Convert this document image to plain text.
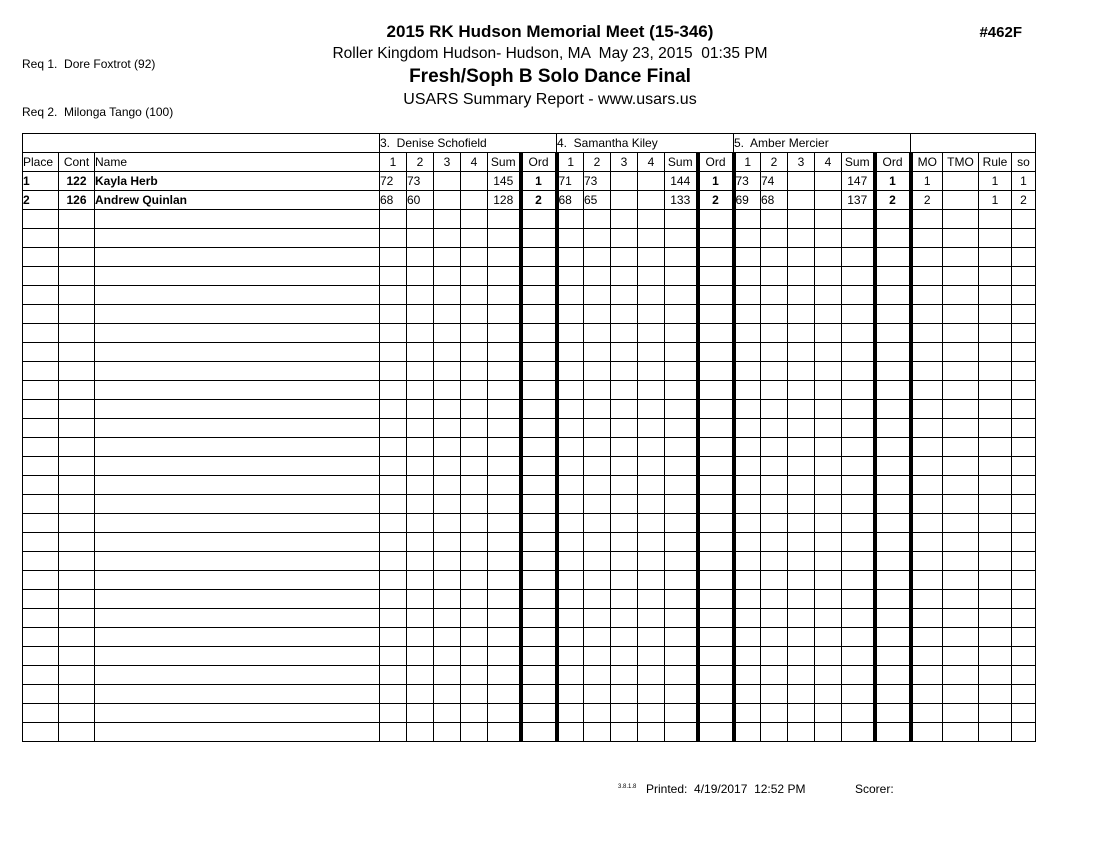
Req 1.  Dore Foxtrot (92)

Req 2.  Milonga Tango (100)

2015 RK Hudson Memorial Meet (15-346)
Roller Kingdom Hudson- Hudson, MA  May 23, 2015  01:35 PM
Fresh/Soph B Solo Dance Final
USARS Summary Report - www.usars.us
#462F
			3.  Denise Schofield						4.  Samantha Kiley						5.  Amber Mercier									
Place	Cont	Name	1	2	3	4	Sum	Ord	1	2	3	4	Sum	Ord	1	2	3	4	Sum	Ord	MO	TMO	Rule	so
1	122	Kayla Herb	72	73			145	1	71	73			144	1	73	74			147	1	1		1	1
2	126	Andrew Quinlan	68	60			128	2	68	65			133	2	69	68			137	2	2		1	2

3.8.1.8 Printed:  4/19/2017  12:52 PM	Scorer:
